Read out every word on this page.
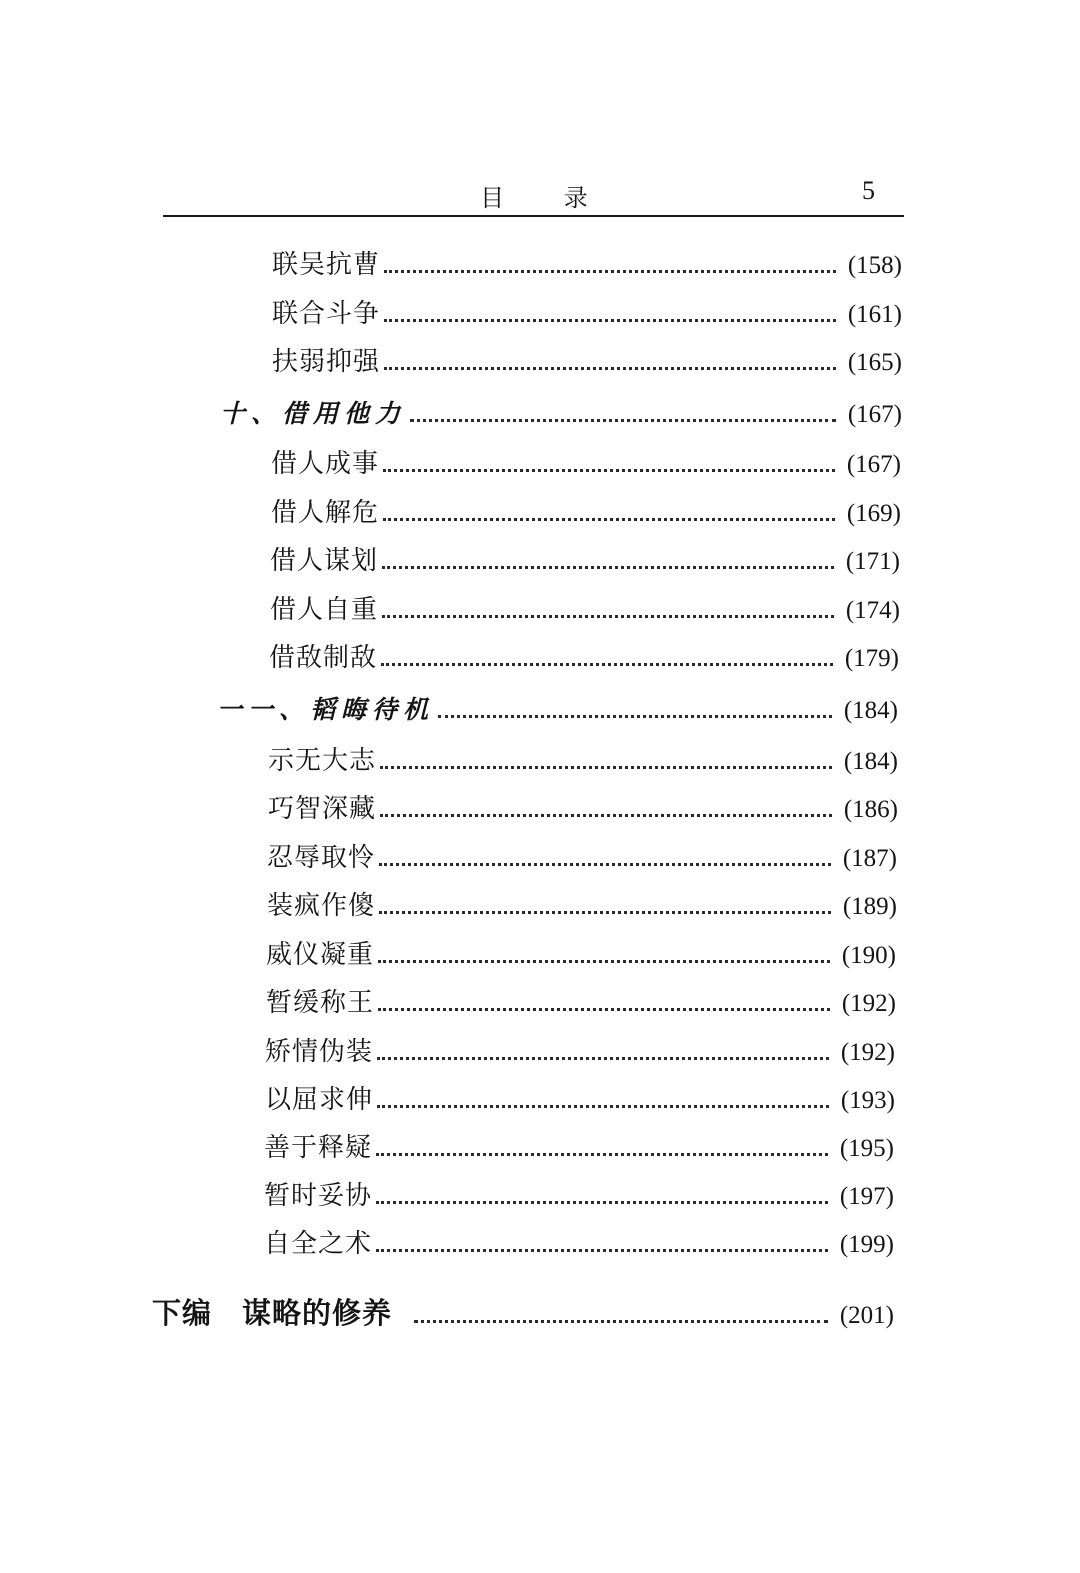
目 录	5
联吴抗曹	(158)
联合斗争	(161)
扶弱抑强	(165)
十、借用他力	(167)
借人成事	(167)
借人解危	(169)
借人谋划	(171)
借人自重	(174)
借敌制敌	(179)
一一、韬晦待机	(184)
示无大志	(184)
巧智深藏	(186)
忍辱取怜	(187)
装疯作傻	(189)
威仪凝重	(190)
暂缓称王	(192)
矫情伪装	(192)
以屈求伸	(193)
善于释疑	(195)
暂时妥协	(197)
自全之术	(199)
下编　谋略的修养	(201)
